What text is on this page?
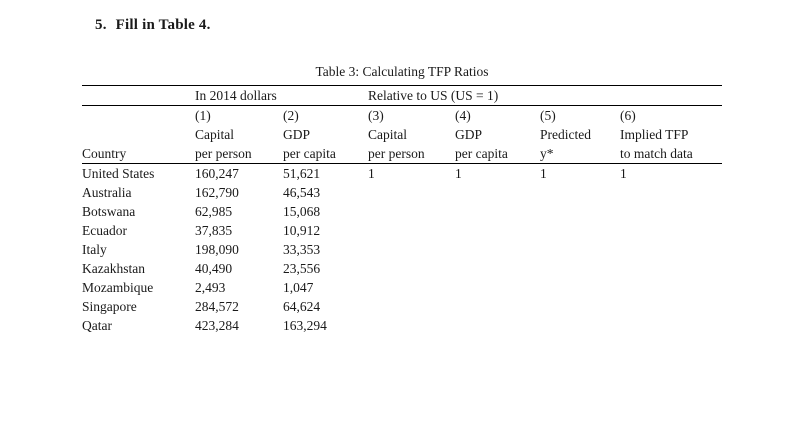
5. Fill in Table 4.
Table 3: Calculating TFP Ratios
	In 2014 dollars		Relative to US (US = 1)			
	(1)	(2)	(3)	(4)	(5)	(6)
	Capital	GDP	Capital	GDP	Predicted	Implied TFP
Country	per person	per capita	per person	per capita	y*	to match data
United States	160,247	51,621	1	1	1	1
Australia	162,790	46,543				
Botswana	62,985	15,068				
Ecuador	37,835	10,912				
Italy	198,090	33,353				
Kazakhstan	40,490	23,556				
Mozambique	2,493	1,047				
Singapore	284,572	64,624				
Qatar	423,284	163,294				
